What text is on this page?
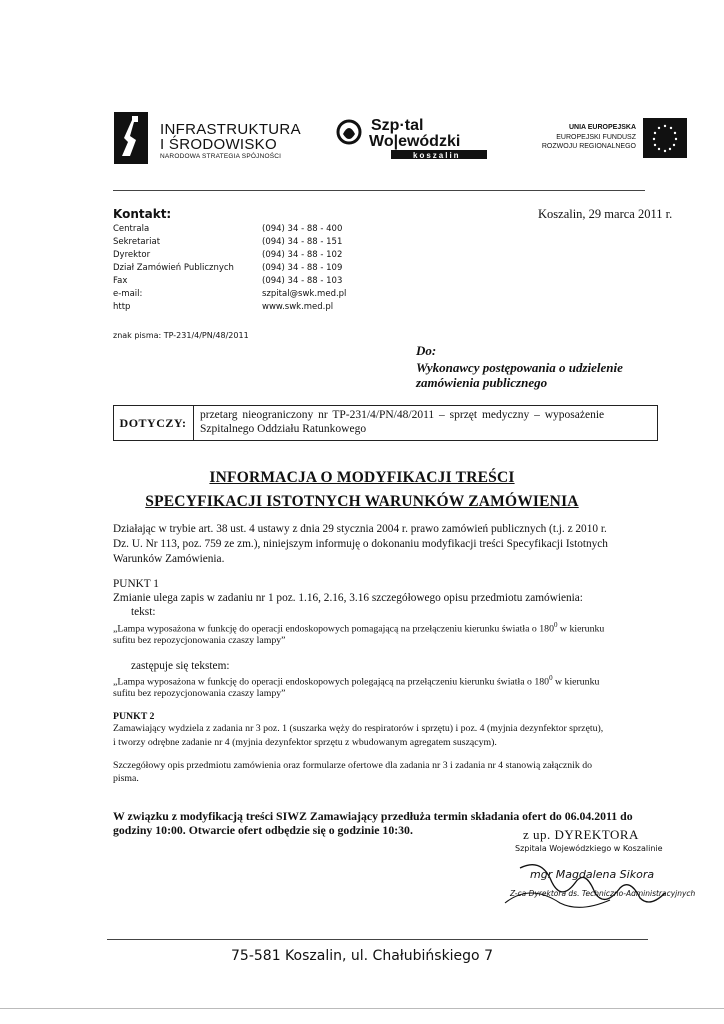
INFRASTRUKTURA
I ŚRODOWISKO
NARODOWA STRATEGIA SPÓJNOŚCI
Szp·tal
Wo|ewódzki
koszalin
UNIA EUROPEJSKA
EUROPEJSKI FUNDUSZ
ROZWOJU REGIONALNEGO
Kontakt:
Centrala	(094) 34 - 88 - 400
Sekretariat	(094) 34 - 88 - 151
Dyrektor	(094) 34 - 88 - 102
Dział Zamówień Publicznych	(094) 34 - 88 - 109
Fax	(094) 34 - 88 - 103
e-mail:	szpital@swk.med.pl
http	www.swk.med.pl
Koszalin, 29 marca 2011 r.
znak pisma: TP-231/4/PN/48/2011
Do:
Wykonawcy postępowania o udzielenie
zamówienia publicznego
DOTYCZY:
przetarg nieograniczony nr TP-231/4/PN/48/2011 – sprzęt medyczny – wyposażenie
Szpitalnego Oddziału Ratunkowego
INFORMACJA O MODYFIKACJI TREŚCI
SPECYFIKACJI ISTOTNYCH WARUNKÓW ZAMÓWIENIA
Działając w trybie art. 38 ust. 4 ustawy z dnia 29 stycznia 2004 r. prawo zamówień publicznych (t.j. z 2010 r.
Dz. U. Nr 113, poz. 759 ze zm.), niniejszym informuję o dokonaniu modyfikacji treści Specyfikacji Istotnych
Warunków Zamówienia.
PUNKT 1
Zmianie ulega zapis w zadaniu nr 1 poz. 1.16, 2.16, 3.16 szczegółowego opisu przedmiotu zamówienia:
tekst:
„Lampa wyposażona w funkcję do operacji endoskopowych pomagającą na przełączeniu kierunku światła o $180^0$ w kierunku
sufitu bez repozycjonowania czaszy lampy”
zastępuje się tekstem:
„Lampa wyposażona w funkcję do operacji endoskopowych polegającą na przełączeniu kierunku światła o $180^0$ w kierunku
sufitu bez repozycjonowania czaszy lampy”
PUNKT 2
Zamawiający wydziela z zadania nr 3 poz. 1 (suszarka węży do respiratorów i sprzętu) i poz. 4 (myjnia dezynfektor sprzętu),
i tworzy odrębne zadanie nr 4 (myjnia dezynfektor sprzętu z wbudowanym agregatem suszącym).
Szczegółowy opis przedmiotu zamówienia oraz formularze ofertowe dla zadania nr 3 i zadania nr 4 stanowią załącznik do
pisma.
W związku z modyfikacją treści SIWZ Zamawiający przedłuża termin składania ofert do 06.04.2011 do
godziny 10:00. Otwarcie ofert odbędzie się o godzinie 10:30.	z up. DYREKTORA
Szpitala Wojewódzkiego w Koszalinie
mgr Magdalena Sikora
Z-ca Dyrektora ds. Techniczno-Administracyjnych
75-581 Koszalin, ul. Chałubińskiego 7
